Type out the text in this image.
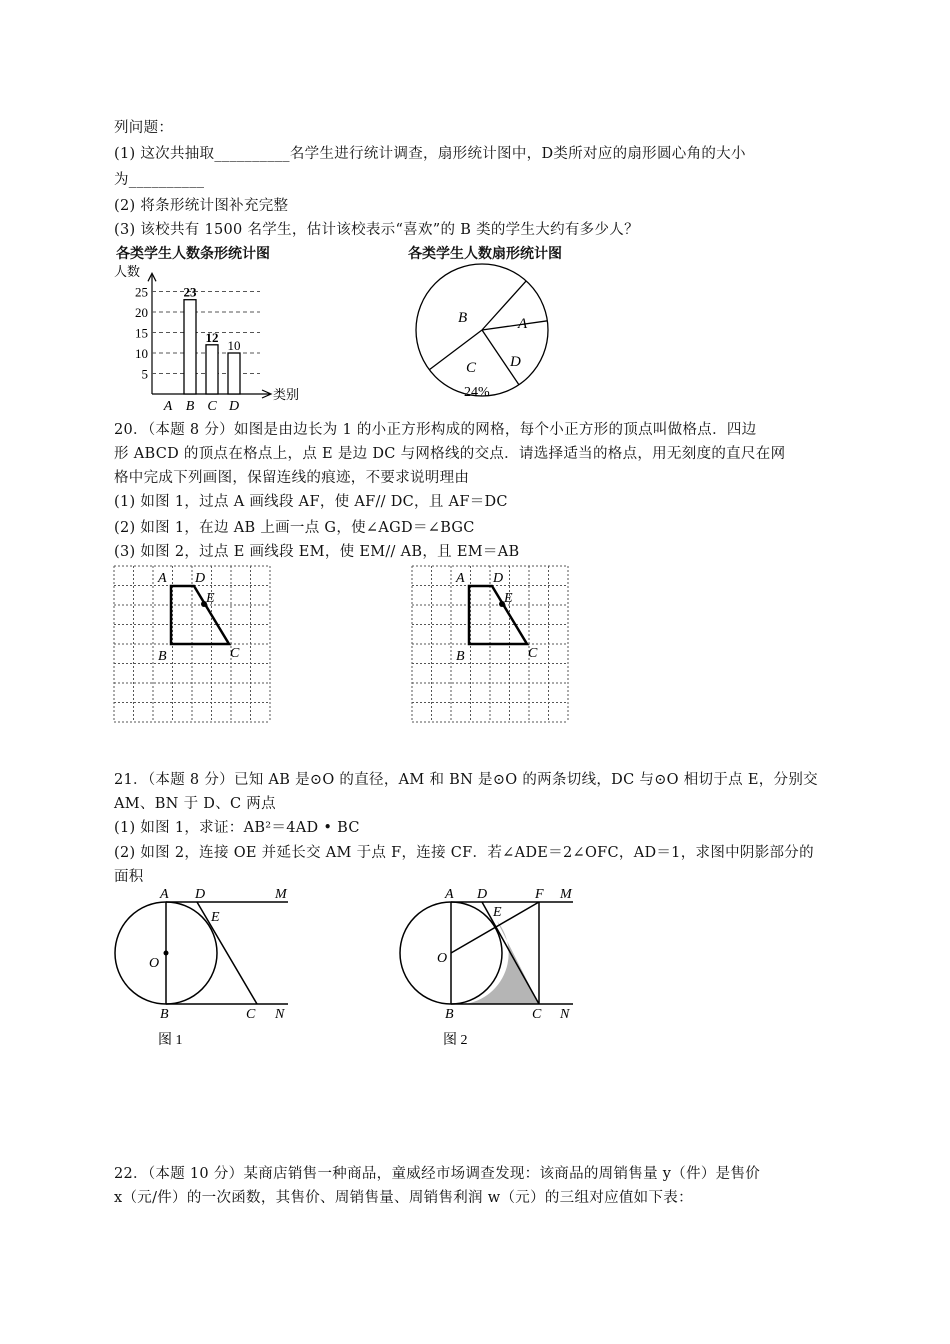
列问题：
(1) 这次共抽取__________名学生进行统计调查，扇形统计图中，D类所对应的扇形圆心角的大小
为__________
(2) 将条形统计图补充完整
(3) 该校共有 1500 名学生，估计该校表示“喜欢”的 B 类的学生大约有多少人？
各类学生人数条形统计图	各类学生人数扇形统计图
人数
类别
5
10
15
20
25
A
23
B
12
C
10
D
A
B
C D
24%
20．（本题 8 分）如图是由边长为 1 的小正方形构成的网格，每个小正方形的顶点叫做格点．四边
形 ABCD 的顶点在格点上，点 E 是边 DC 与网格线的交点．请选择适当的格点，用无刻度的直尺在网
格中完成下列画图，保留连线的痕迹，不要求说明理由
(1) 如图 1，过点 A 画线段 AF，使 AF// DC，且 AF＝DC
(2) 如图 1，在边 AB 上画一点 G，使∠AGD＝∠BGC
(3) 如图 2，过点 E 画线段 EM，使 EM// AB，且 EM＝AB
A D
E
B	C
A D
E
B	C
21．（本题 8 分）已知 AB 是⊙O 的直径，AM 和 BN 是⊙O 的两条切线，DC 与⊙O 相切于点 E，分别交
AM、BN 于 D、C 两点
(1) 如图 1，求证：AB²＝4AD • BC
(2) 如图 2，连接 OE 并延长交 AM 于点 F，连接 CF．若∠ADE＝2∠OFC，AD＝1，求图中阴影部分的
面积
A D	M
E
O
B	C N
图 1
A D	F M
E
O
B	C N
图 2
22．（本题 10 分）某商店销售一种商品，童威经市场调查发现：该商品的周销售量 y（件）是售价
x（元/件）的一次函数，其售价、周销售量、周销售利润 w（元）的三组对应值如下表：
